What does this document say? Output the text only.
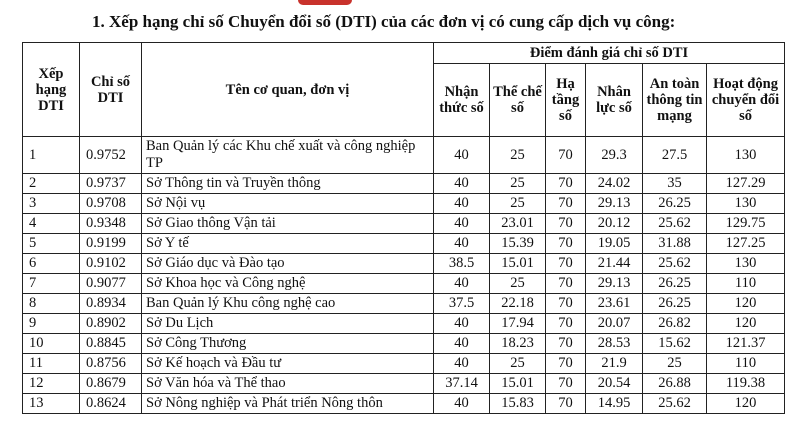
1. Xếp hạng chỉ số Chuyển đổi số (DTI) của các đơn vị có cung cấp dịch vụ công:
Xếp hạng DTI	Chỉ số DTI	Tên cơ quan, đơn vị	Điểm đánh giá chỉ số DTI					
			Nhận thức số	Thể chế số	Hạ tầng số	Nhân lực số	An toàn thông tin mạng	Hoạt động chuyển đổi số
1	0.9752	Ban Quản lý các Khu chế xuất và công nghiệp TP	40	25	70	29.3	27.5	130
2	0.9737	Sở Thông tin và Truyền thông	40	25	70	24.02	35	127.29
3	0.9708	Sở Nội vụ	40	25	70	29.13	26.25	130
4	0.9348	Sở Giao thông Vận tải	40	23.01	70	20.12	25.62	129.75
5	0.9199	Sở Y tế	40	15.39	70	19.05	31.88	127.25
6	0.9102	Sở Giáo dục và Đào tạo	38.5	15.01	70	21.44	25.62	130
7	0.9077	Sở Khoa học và Công nghệ	40	25	70	29.13	26.25	110
8	0.8934	Ban Quản lý Khu công nghệ cao	37.5	22.18	70	23.61	26.25	120
9	0.8902	Sở Du Lịch	40	17.94	70	20.07	26.82	120
10	0.8845	Sở Công Thương	40	18.23	70	28.53	15.62	121.37
11	0.8756	Sở Kế hoạch và Đầu tư	40	25	70	21.9	25	110
12	0.8679	Sở Văn hóa và Thể thao	37.14	15.01	70	20.54	26.88	119.38
13	0.8624	Sở Nông nghiệp và Phát triển Nông thôn	40	15.83	70	14.95	25.62	120
